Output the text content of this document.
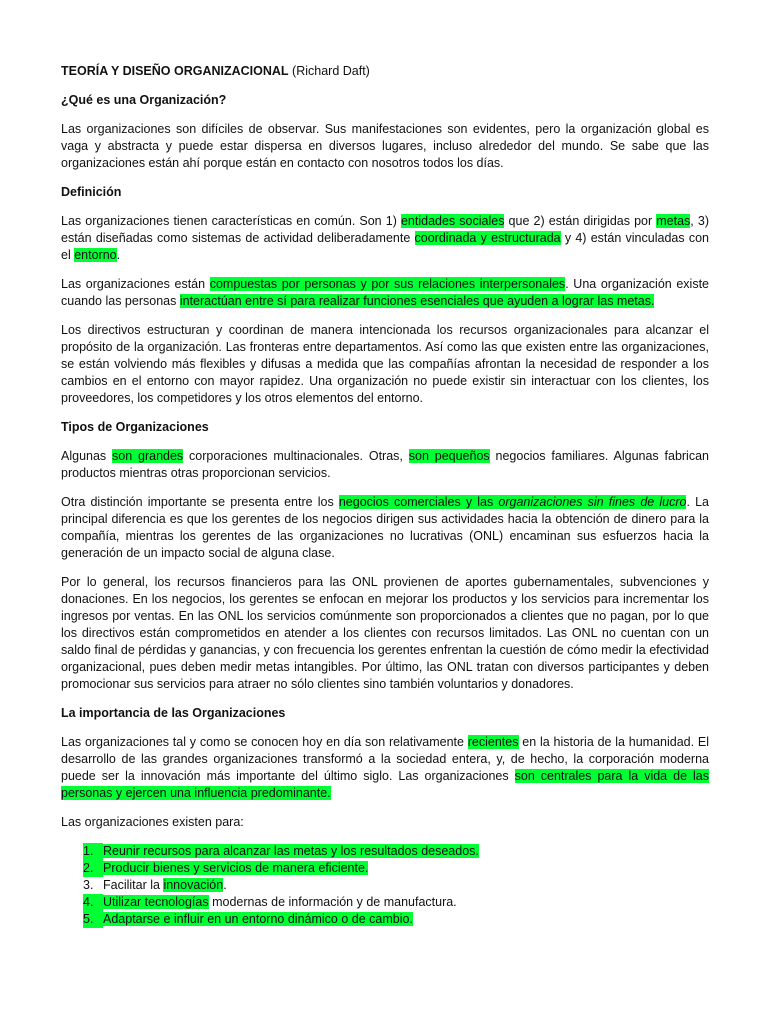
TEORÍA Y DISEÑO ORGANIZACIONAL (Richard Daft)

¿Qué es una Organización?

Las organizaciones son difíciles de observar. Sus manifestaciones son evidentes, pero la organización global es vaga y abstracta y puede estar dispersa en diversos lugares, incluso alrededor del mundo. Se sabe que las organizaciones están ahí porque están en contacto con nosotros todos los días.

Definición

Las organizaciones tienen características en común. Son 1) entidades sociales que 2) están dirigidas por metas, 3) están diseñadas como sistemas de actividad deliberadamente coordinada y estructurada y 4) están vinculadas con el entorno.

Las organizaciones están compuestas por personas y por sus relaciones interpersonales. Una organización existe cuando las personas interactúan entre sí para realizar funciones esenciales que ayuden a lograr las metas.

Los directivos estructuran y coordinan de manera intencionada los recursos organizacionales para alcanzar el propósito de la organización. Las fronteras entre departamentos. Así como las que existen entre las organizaciones, se están volviendo más flexibles y difusas a medida que las compañías afrontan la necesidad de responder a los cambios en el entorno con mayor rapidez. Una organización no puede existir sin interactuar con los clientes, los proveedores, los competidores y los otros elementos del entorno.

Tipos de Organizaciones

Algunas son grandes corporaciones multinacionales. Otras, son pequeños negocios familiares. Algunas fabrican productos mientras otras proporcionan servicios.

Otra distinción importante se presenta entre los negocios comerciales y las organizaciones sin fines de lucro. La principal diferencia es que los gerentes de los negocios dirigen sus actividades hacia la obtención de dinero para la compañía, mientras los gerentes de las organizaciones no lucrativas (ONL) encaminan sus esfuerzos hacia la generación de un impacto social de alguna clase.

Por lo general, los recursos financieros para las ONL provienen de aportes gubernamentales, subvenciones y donaciones. En los negocios, los gerentes se enfocan en mejorar los productos y los servicios para incrementar los ingresos por ventas. En las ONL los servicios comúnmente son proporcionados a clientes que no pagan, por lo que los directivos están comprometidos en atender a los clientes con recursos limitados. Las ONL no cuentan con un saldo final de pérdidas y ganancias, y con frecuencia los gerentes enfrentan la cuestión de cómo medir la efectividad organizacional, pues deben medir metas intangibles. Por último, las ONL tratan con diversos participantes y deben promocionar sus servicios para atraer no sólo clientes sino también voluntarios y donadores.

La importancia de las Organizaciones

Las organizaciones tal y como se conocen hoy en día son relativamente recientes en la historia de la humanidad. El desarrollo de las grandes organizaciones transformó a la sociedad entera, y, de hecho, la corporación moderna puede ser la innovación más importante del último siglo. Las organizaciones son centrales para la vida de las personas y ejercen una influencia predominante.

Las organizaciones existen para:

1. Reunir recursos para alcanzar las metas y los resultados deseados.
2. Producir bienes y servicios de manera eficiente.
3. Facilitar la innovación.
4. Utilizar tecnologías modernas de información y de manufactura.
5. Adaptarse e influir en un entorno dinámico o de cambio.
